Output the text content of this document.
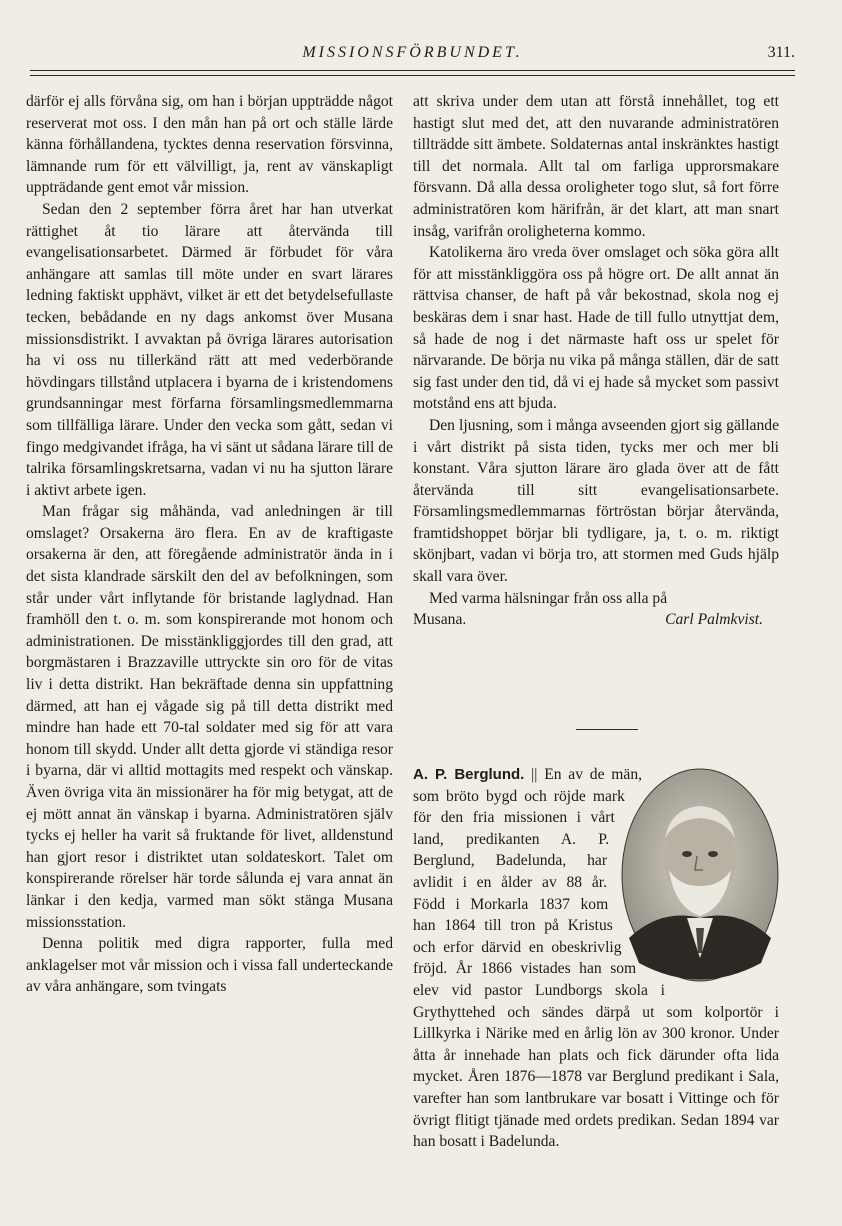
MISSIONSFÖRBUNDET.	311.

därför ej alls förvåna sig, om han i början uppträdde något reserverat mot oss. I den mån han på ort och ställe lärde känna förhållandena, tycktes denna reservation försvinna, lämnande rum för ett välvilligt, ja, rent av vänskapligt uppträdande gent emot vår mission.

Sedan den 2 september förra året har han utverkat rättighet åt tio lärare att återvända till evangelisationsarbetet. Därmed är förbudet för våra anhängare att samlas till möte under en svart lärares ledning faktiskt upphävt, vilket är ett det betydelsefullaste tecken, bebådande en ny dags ankomst över Musana missionsdistrikt. I avvaktan på övriga lärares autorisation ha vi oss nu tillerkänd rätt att med vederbörande hövdingars tillstånd utplacera i byarna de i kristendomens grundsanningar mest förfarna församlingsmedlemmarna som tillfälliga lärare. Under den vecka som gått, sedan vi fingo medgivandet ifråga, ha vi sänt ut sådana lärare till de talrika församlingskretsarna, vadan vi nu ha sjutton lärare i aktivt arbete igen.

Man frågar sig måhända, vad anledningen är till omslaget? Orsakerna äro flera. En av de kraftigaste orsakerna är den, att föregående administratör ända in i det sista klandrade särskilt den del av befolkningen, som står under vårt inflytande för bristande laglydnad. Han framhöll den t. o. m. som konspirerande mot honom och administrationen. De misstänkliggjordes till den grad, att borgmästaren i Brazzaville uttryckte sin oro för de vitas liv i detta distrikt. Han bekräftade denna sin uppfattning därmed, att han ej vågade sig på till detta distrikt med mindre han hade ett 70-tal soldater med sig för att vara honom till skydd. Under allt detta gjorde vi ständiga resor i byarna, där vi alltid mottagits med respekt och vänskap. Även övriga vita än missionärer ha för mig betygat, att de ej mött annat än vänskap i byarna. Administratören själv tycks ej heller ha varit så fruktande för livet, alldenstund han gjort resor i distriktet utan soldateskort. Talet om konspirerande rörelser här torde sålunda ej vara annat än länkar i den kedja, varmed man sökt stänga Musana missionsstation.

Denna politik med digra rapporter, fulla med anklagelser mot vår mission och i vissa fall underteckande av våra anhängare, som tvingats

att skriva under dem utan att förstå innehållet, tog ett hastigt slut med det, att den nuvarande administratören tillträdde sitt ämbete. Soldaternas antal inskränktes hastigt till det normala. Allt tal om farliga upprorsmakare försvann. Då alla dessa oroligheter togo slut, så fort förre administratören kom härifrån, är det klart, att man snart insåg, varifrån oroligheterna kommo.

Katolikerna äro vreda över omslaget och söka göra allt för att misstänkliggöra oss på högre ort. De allt annat än rättvisa chanser, de haft på vår bekostnad, skola nog ej beskäras dem i snar hast. Hade de till fullo utnyttjat dem, så hade de nog i det närmaste haft oss ur spelet för närvarande. De börja nu vika på många ställen, där de satt sig fast under den tid, då vi ej hade så mycket som passivt motstånd ens att bjuda.

Den ljusning, som i många avseenden gjort sig gällande i vårt distrikt på sista tiden, tycks mer och mer bli konstant. Våra sjutton lärare äro glada över att de fått återvända till sitt evangelisationsarbete. Församlingsmedlemmarnas förtröstan börjar återvända, framtidshoppet börjar bli tydligare, ja, t. o. m. riktigt skönjbart, vadan vi börja tro, att stormen med Guds hjälp skall vara över.

Med varma hälsningar från oss alla på

Musana.	Carl Palmkvist.

A. P. Berglund. || En av de män, som bröto bygd och röjde mark för den fria missionen i vårt land, predikanten A. P. Berglund, Badelunda, har avlidit i en ålder av 88 år. Född i Morkarla 1837 kom han 1864 till tron på Kristus och erfor därvid en obeskrivlig fröjd. År 1866 vistades han som elev vid pastor Lundborgs skola i Grythyttehed och sändes därpå ut som kolportör i Lillkyrka i Närike med en årlig lön av 300 kronor. Under åtta år innehade han plats och fick därunder ofta lida mycket. Åren 1876—1878 var Berglund predikant i Sala, varefter han som lantbrukare var bosatt i Vittinge och för övrigt flitigt tjänade med ordets predikan. Sedan 1894 var han bosatt i Badelunda.
